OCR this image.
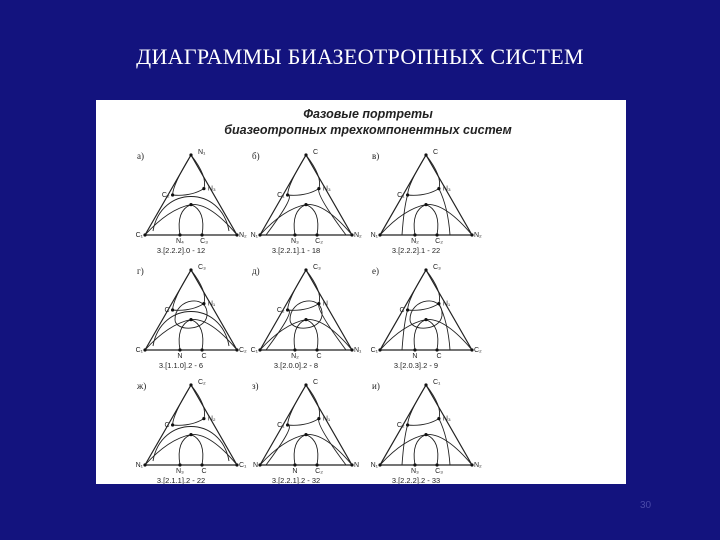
ДИАГРАММЫ БИАЗЕОТРОПНЫХ СИСТЕМ
Фазовые портреты
биазеотропных трехкомпонентных систем
N₁
C₁	N₂
N₃
C₂
N₄ C₃
а)
3.[2.2.2].0 - 12
C
N₁	N₂
N₃
C₁
N₃ C₂
б)
3.[2.2.1].1 - 18
C
N₁	N₂
N₃
C₁
N₂ C₂
в)
3.[2.2.2].1 - 22
C₃
C₁	C₂
N₁
C
N	C
г)
3.[1.1.0].2 - 6
C₃
C₁	N₁
N
C₂
N₂	C
д)
3.[2.0.0].2 - 8
C₃
C₁	C₂
N₁
C
N	C
е)
3.[2.0.3].2 - 9
C₂
N₁	C₁
N₂
C
N₃	C
ж)
3.[2.1.1].2 - 22
C
N	N
N₁
C₁
N	C₂
з)
3.[2.2.1].2 - 32
C₁
N₁	N₂
N₃
C₂
N₃ C₃
и)
3.[2.2.2].2 - 33
30
